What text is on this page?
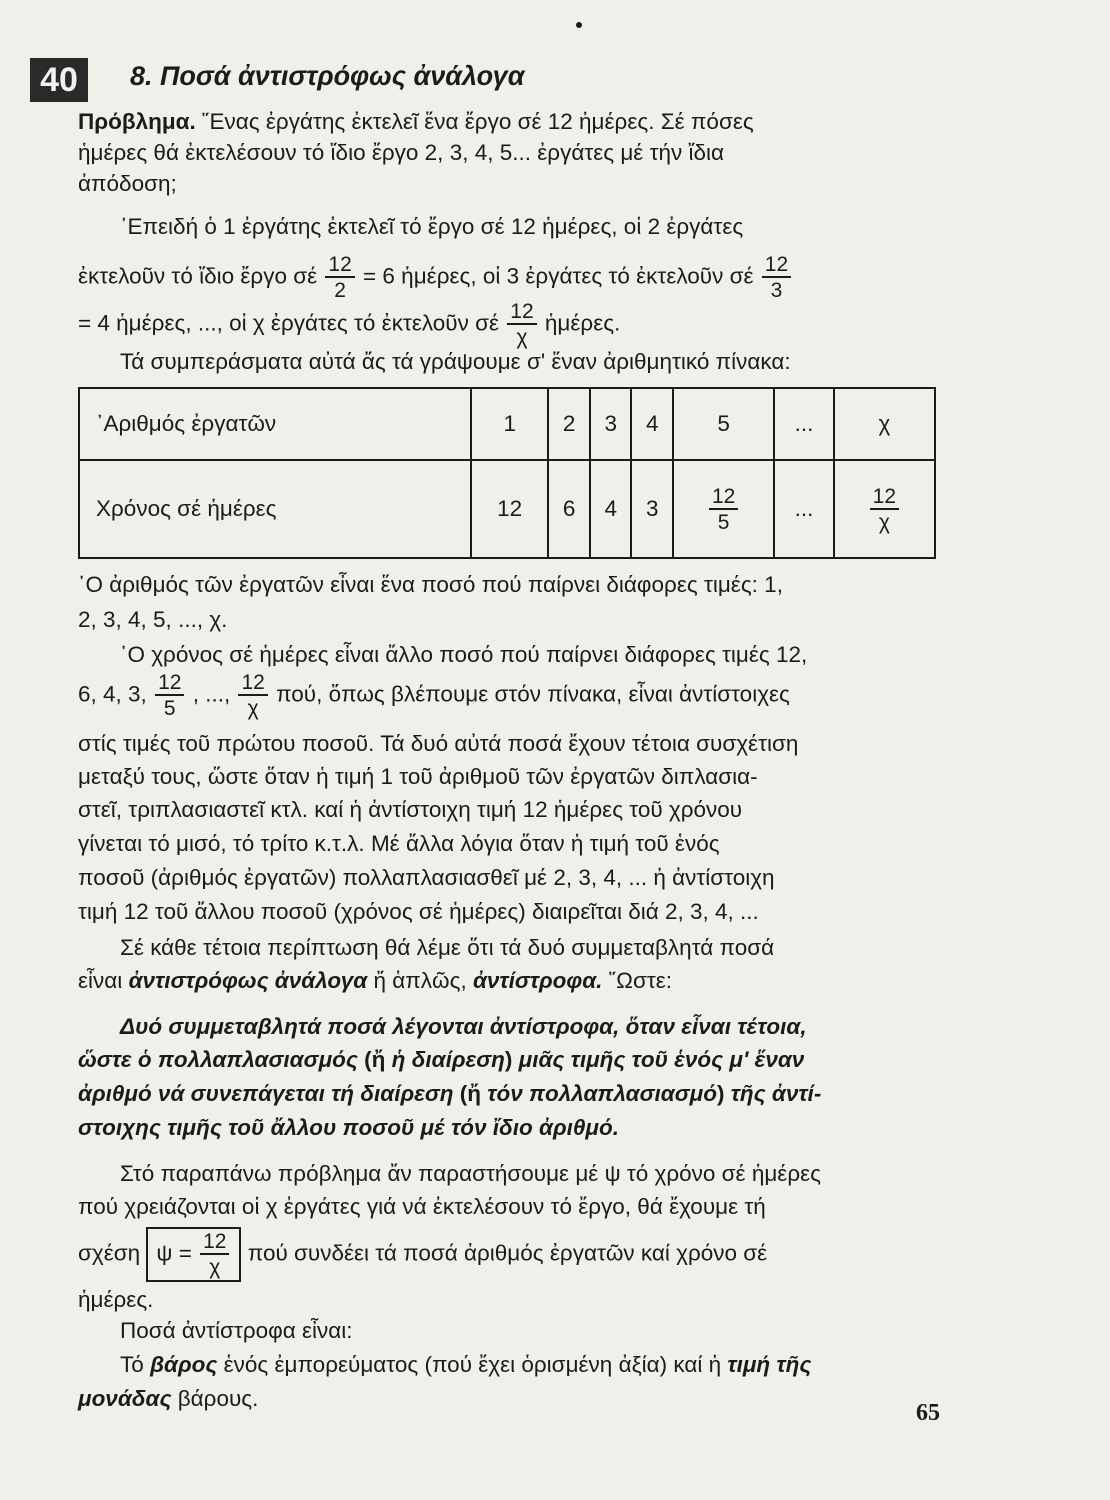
40	8. Ποσά ἀντιστρόφως ἀνάλογα
Πρόβλημα. ῞Ενας ἐργάτης ἐκτελεῖ ἕνα ἔργο σέ 12 ἡμέρες. Σέ πόσες
ἡμέρες θά ἐκτελέσουν τό ἴδιο ἔργο 2, 3, 4, 5... ἐργάτες μέ τήν ἴδια
ἀπόδοση;
᾿Επειδή ὁ 1 ἐργάτης ἐκτελεῖ τό ἔργο σέ 12 ἡμέρες, οἱ 2 ἐργάτες
ἐκτελοῦν τό ἴδιο ἔργο σέ $\frac{12}{2} = 6$ ἡμέρες, οἱ 3 ἐργάτες τό ἐκτελοῦν σέ $\frac{12}{3}$
= 4 ἡμέρες, ..., οἱ χ ἐργάτες τό ἐκτελοῦν σέ $\frac{12}{\chi}$ ἡμέρες.
Τά συμπεράσματα αὐτά ἄς τά γράψουμε σ' ἕναν ἀριθμητικό πίνακα:
᾿Αριθμός ἐργατῶν	1	2	3	4	5	...	χ
Χρόνος σέ ἡμέρες	12	6	4	3	$\frac{12}{5}$	...	$\frac{12}{\chi}$
῾Ο ἀριθμός τῶν ἐργατῶν εἶναι ἕνα ποσό πού παίρνει διάφορες τιμές: 1,
2, 3, 4, 5, ..., χ.
῾Ο χρόνος σέ ἡμέρες εἶναι ἄλλο ποσό πού παίρνει διάφορες τιμές 12,
6, 4, 3, $\frac{12}{5}$ , ..., $\frac{12}{\chi} \pi oύ$, ὅπως βλέπουμε στόν πίνακα, εἶναι ἀντίστοιχες
στίς τιμές τοῦ πρώτου ποσοῦ. Τά δυό αὐτά ποσά ἔχουν τέτοια συσχέτιση
μεταξύ τους, ὥστε ὅταν ἡ τιμή 1 τοῦ ἀριθμοῦ τῶν ἐργατῶν διπλασια-
στεῖ, τριπλασιαστεῖ κτλ. καί ἡ ἀντίστοιχη τιμή 12 ἡμέρες τοῦ χρόνου
γίνεται τό μισό, τό τρίτο κ.τ.λ. Μέ ἄλλα λόγια ὅταν ἡ τιμή τοῦ ἑνός
ποσοῦ (ἀριθμός ἐργατῶν) πολλαπλασιασθεῖ μέ 2, 3, 4, ... ἡ ἀντίστοιχη
τιμή 12 τοῦ ἄλλου ποσοῦ (χρόνος σέ ἡμέρες) διαιρεῖται διά 2, 3, 4, ...
Σέ κάθε τέτοια περίπτωση θά λέμε ὅτι τά δυό συμμεταβλητά ποσά
εἶναι ἀντιστρόφως ἀνάλογα ἤ ἁπλῶς, ἀντίστροφα. ῞Ωστε:
Δυό συμμεταβλητά ποσά λέγονται ἀντίστροφα, ὅταν εἶναι τέτοια,
ὥστε ὁ πολλαπλασιασμός (ἤ ἡ διαίρεση) μιᾶς τιμῆς τοῦ ἑνός μ' ἕναν
ἀριθμό νά συνεπάγεται τή διαίρεση (ἤ τόν πολλαπλασιασμό) τῆς ἀντί-
στοιχης τιμῆς τοῦ ἄλλου ποσοῦ μέ τόν ἴδιο ἀριθμό.
Στό παραπάνω πρόβλημα ἄν παραστήσουμε μέ ψ τό χρόνο σέ ἡμέρες
πού χρειάζονται οἱ χ ἐργάτες γιά νά ἐκτελέσουν τό ἔργο, θά ἔχουμε τή
σχέση $\psi = \frac{12}{\chi}$ πού συνδέει τά ποσά ἀριθμός ἐργατῶν καί χρόνο σέ
ἡμέρες.
Ποσά ἀντίστροφα εἶναι:
Τό βάρος ἑνός ἐμπορεύματος (πού ἔχει ὁρισμένη ἀξία) καί ἡ τιμή τῆς
μονάδας βάρους.
65
